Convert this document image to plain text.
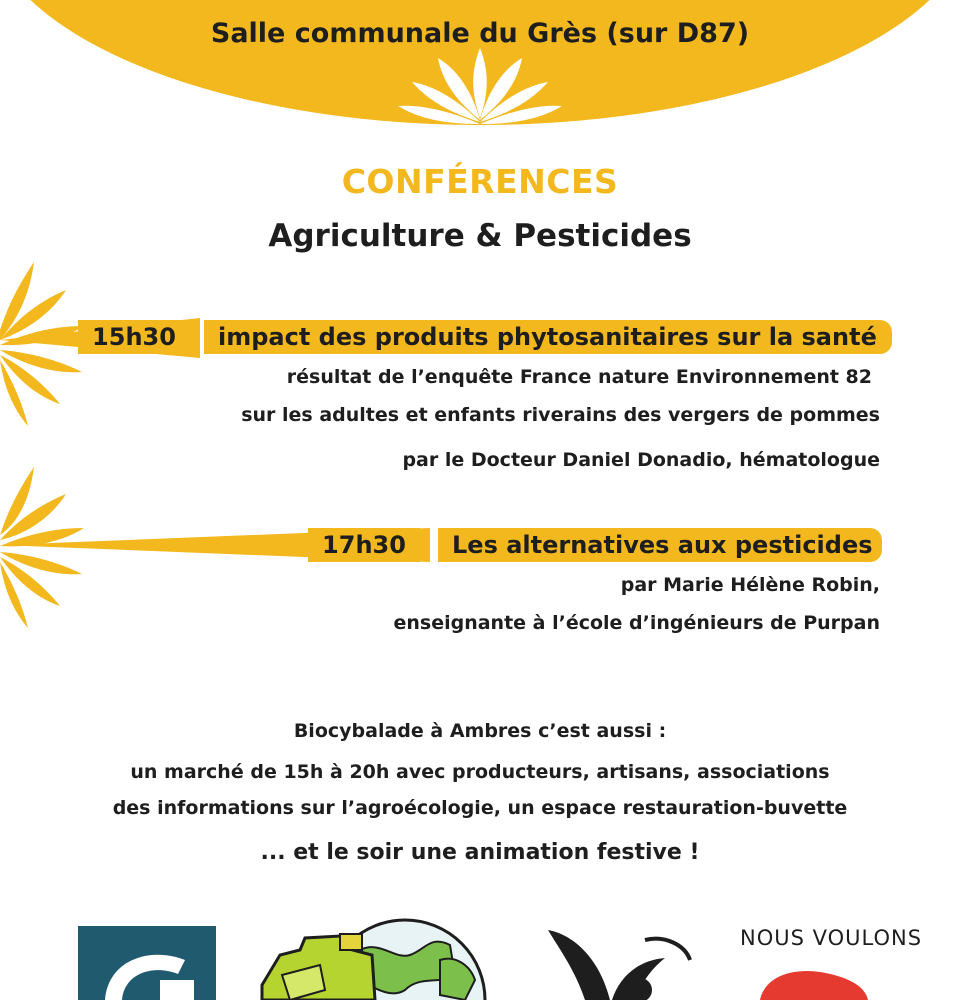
Salle communale du Grès (sur D87)
CONFÉRENCES
Agriculture & Pesticides
15h30	impact des produits phytosanitaires sur la santé
résultat de l’enquête France nature Environnement 82
sur les adultes et enfants riverains des vergers de pommes
par le Docteur Daniel Donadio, hématologue
17h30	Les alternatives aux pesticides
par Marie Hélène Robin,
enseignante à l’école d’ingénieurs de Purpan
Biocybalade à Ambres c’est aussi :
un marché de 15h à 20h avec producteurs, artisans, associations
des informations sur l’agroécologie, un espace restauration-buvette
... et le soir une animation festive !
NOUS VOULONS
